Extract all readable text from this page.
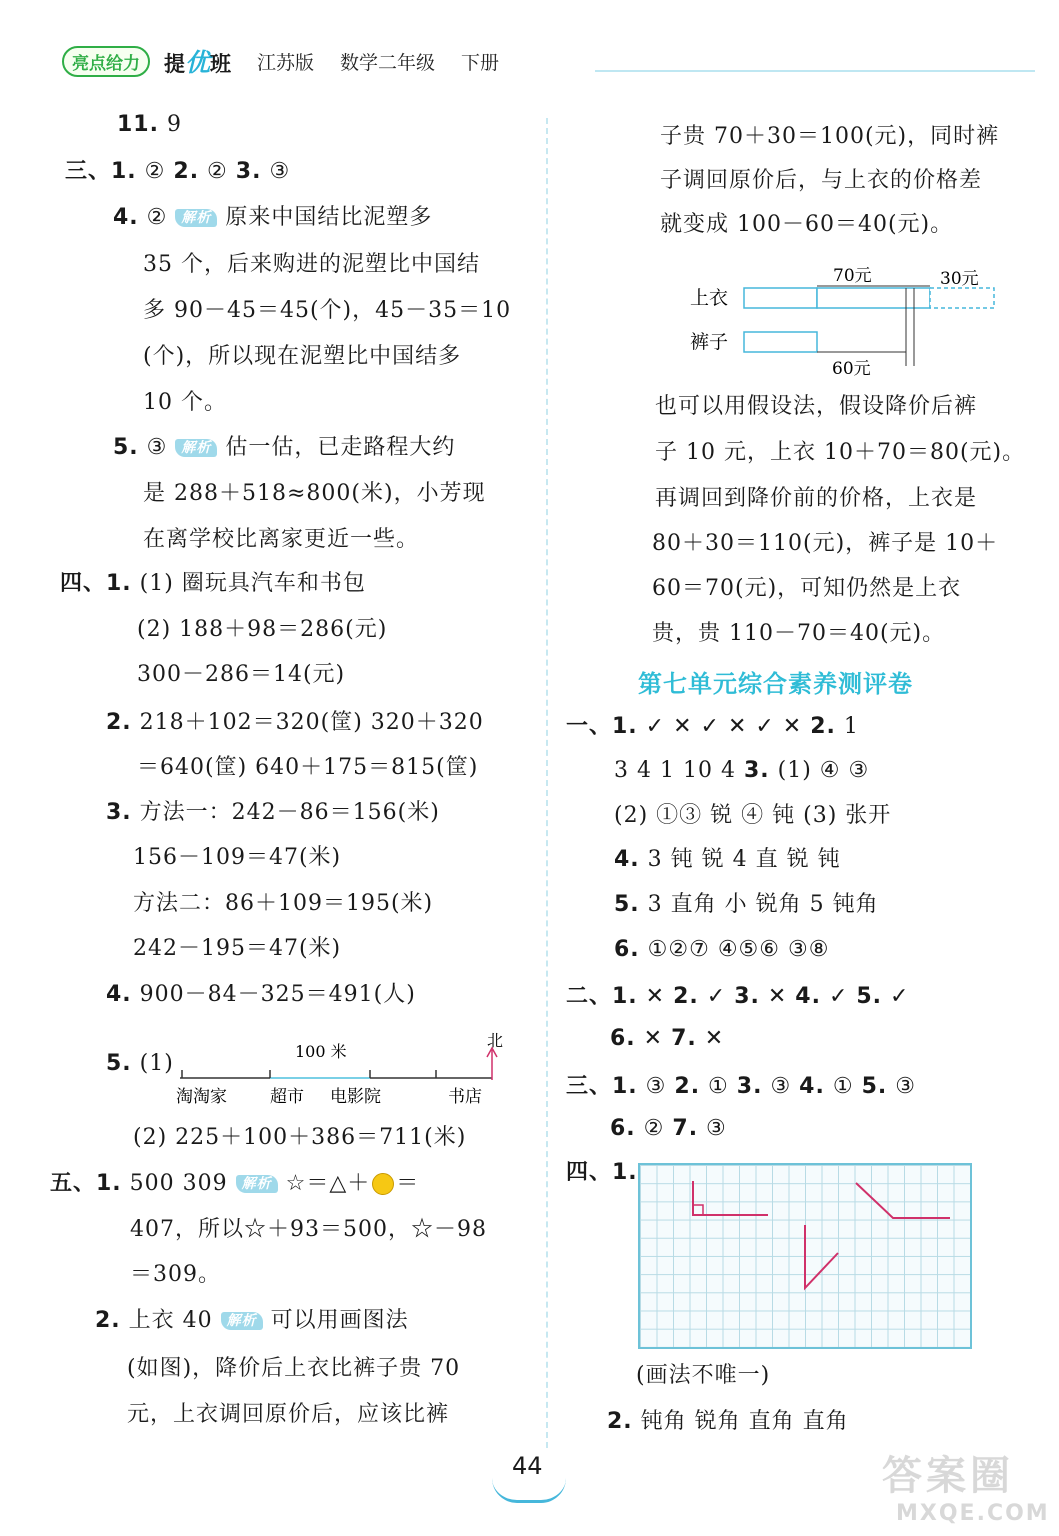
亮点给力	提优班 江苏版 数学二年级 下册
11. 9
三、1. ② 2. ② 3. ③
4. ② 解析 原来中国结比泥塑多
35 个，后来购进的泥塑比中国结
多 90－45＝45(个)，45－35＝10
(个)，所以现在泥塑比中国结多
10 个。
5. ③ 解析 估一估，已走路程大约
是 288＋518≈800(米)，小芳现
在离学校比离家更近一些。
四、1. (1) 圈玩具汽车和书包
(2) 188＋98＝286(元)
300－286＝14(元)
2. 218＋102＝320(筐) 320＋320
＝640(筐) 640＋175＝815(筐)
3. 方法一：242－86＝156(米)
156－109＝47(米)
方法二：86＋109＝195(米)
242－195＝47(米)
4. 900－84－325＝491(人)
5. (1)
(2) 225＋100＋386＝711(米)
五、1. 500 309 解析 ☆＝△＋ ＝
407，所以☆＋93＝500，☆－98
＝309。
2. 上衣 40 解析 可以用画图法
(如图)，降价后上衣比裤子贵 70
元，上衣调回原价后，应该比裤
子贵 70＋30＝100(元)，同时裤
子调回原价后，与上衣的价格差
就变成 100－60＝40(元)。
也可以用假设法，假设降价后裤
子 10 元，上衣 10＋70＝80(元)。
再调回到降价前的价格，上衣是
80＋30＝110(元)，裤子是 10＋
60＝70(元)，可知仍然是上衣
贵，贵 110－70＝40(元)。
一、1. ✓ ✕ ✓ ✕ ✓ ✕ 2. 1
3 4 1 10 4 3. (1) ④ ③
(2) ①③ 锐 ④ 钝 (3) 张开
4. 3 钝 锐 4 直 锐 钝
5. 3 直角 小 锐角 5 钝角
6. ①②⑦ ④⑤⑥ ③⑧
二、1. ✕ 2. ✓ 3. ✕ 4. ✓ 5. ✓
6. ✕ 7. ✕
三、1. ③ 2. ① 3. ③ 4. ① 5. ③
6. ② 7. ③
四、1.
(画法不唯一)
2. 钝角 锐角 直角 直角
第七单元综合素养测评卷
100 米
北
淘淘家	超市 电影院	书店
上衣
裤子
70元	30元
60元
44	答案圈
MXQE.COM
